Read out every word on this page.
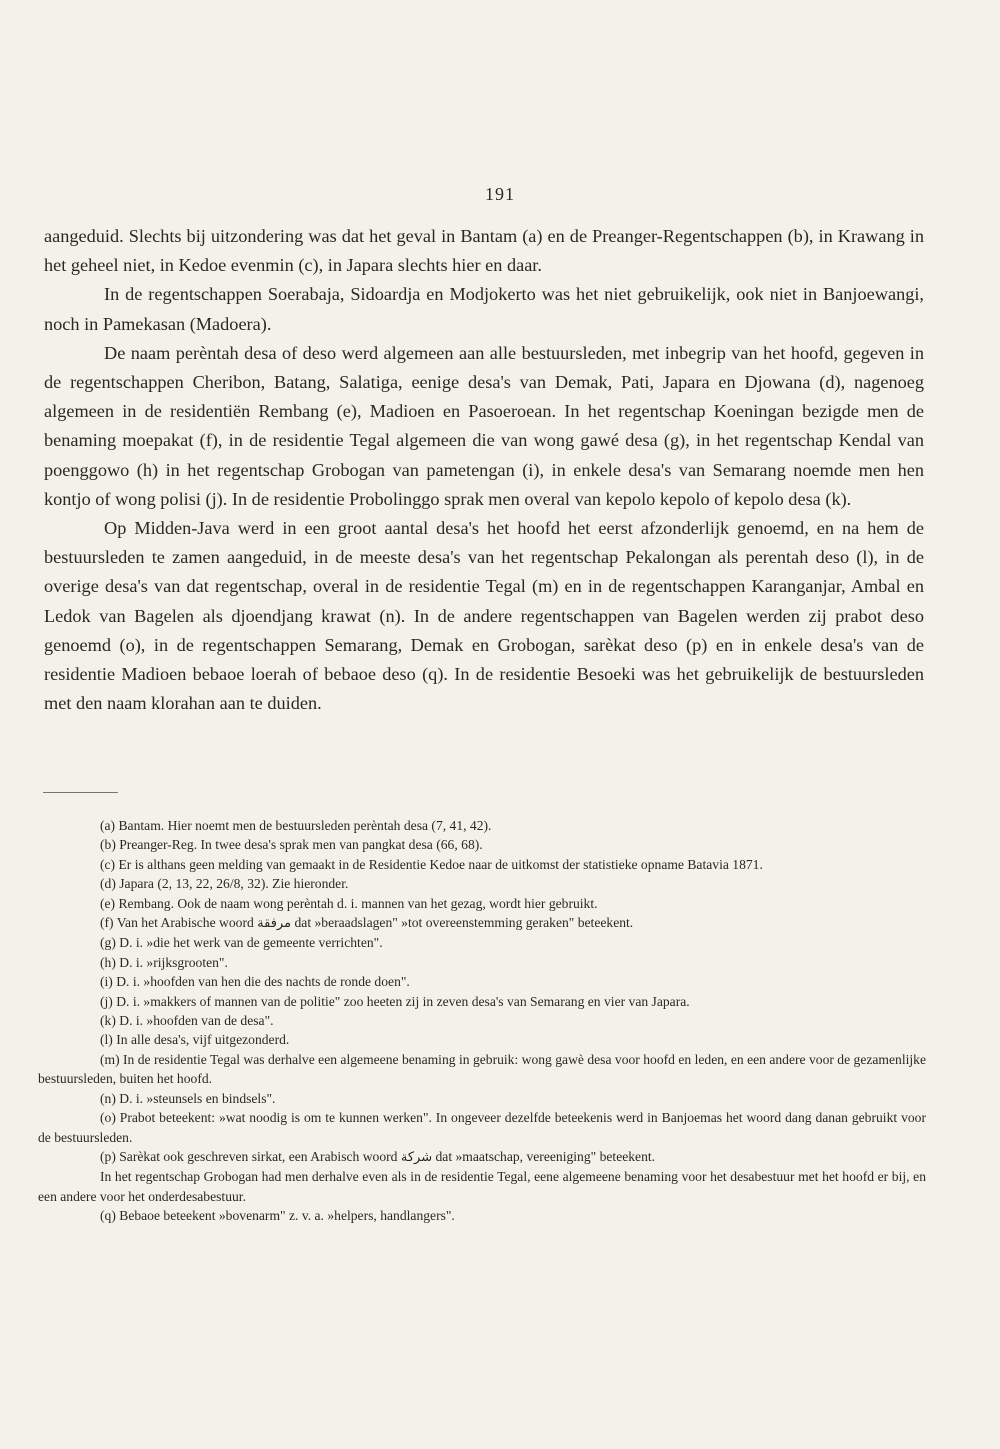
191

aangeduid. Slechts bij uitzondering was dat het geval in Bantam (a) en de Preanger-Regentschappen (b), in Krawang in het geheel niet, in Kedoe evenmin (c), in Japara slechts hier en daar.

In de regentschappen Soerabaja, Sidoardja en Modjokerto was het niet gebruikelijk, ook niet in Banjoewangi, noch in Pamekasan (Madoera).

De naam perèntah desa of deso werd algemeen aan alle bestuursleden, met inbegrip van het hoofd, gegeven in de regentschappen Cheribon, Batang, Salatiga, eenige desa's van Demak, Pati, Japara en Djowana (d), nagenoeg algemeen in de residentiën Rembang (e), Madioen en Pasoeroean. In het regentschap Koeningan bezigde men de benaming moepakat (f), in de residentie Tegal algemeen die van wong gawé desa (g), in het regentschap Kendal van poenggowo (h) in het regentschap Grobogan van pametengan (i), in enkele desa's van Semarang noemde men hen kontjo of wong polisi (j). In de residentie Probolinggo sprak men overal van kepolo kepolo of kepolo desa (k).

Op Midden-Java werd in een groot aantal desa's het hoofd het eerst afzonderlijk genoemd, en na hem de bestuursleden te zamen aangeduid, in de meeste desa's van het regentschap Pekalongan als perentah deso (l), in de overige desa's van dat regentschap, overal in de residentie Tegal (m) en in de regentschappen Karanganjar, Ambal en Ledok van Bagelen als djoendjang krawat (n). In de andere regentschappen van Bagelen werden zij prabot deso genoemd (o), in de regentschappen Semarang, Demak en Grobogan, sarèkat deso (p) en in enkele desa's van de residentie Madioen bebaoe loerah of bebaoe deso (q). In de residentie Besoeki was het gebruikelijk de bestuursleden met den naam klorahan aan te duiden.

(a) Bantam. Hier noemt men de bestuursleden perèntah desa (7, 41, 42).

(b) Preanger-Reg. In twee desa's sprak men van pangkat desa (66, 68).

(c) Er is althans geen melding van gemaakt in de Residentie Kedoe naar de uitkomst der statistieke opname Batavia 1871.

(d) Japara (2, 13, 22, 26/8, 32). Zie hieronder.

(e) Rembang. Ook de naam wong perèntah d. i. mannen van het gezag, wordt hier gebruikt.

(f) Van het Arabische woord مرفقة dat »beraadslagen" »tot overeenstemming geraken" beteekent.

(g) D. i. »die het werk van de gemeente verrichten".

(h) D. i. »rijksgrooten".

(i) D. i. »hoofden van hen die des nachts de ronde doen".

(j) D. i. »makkers of mannen van de politie" zoo heeten zij in zeven desa's van Semarang en vier van Japara.

(k) D. i. »hoofden van de desa".

(l) In alle desa's, vijf uitgezonderd.

(m) In de residentie Tegal was derhalve een algemeene benaming in gebruik: wong gawè desa voor hoofd en leden, en een andere voor de gezamenlijke bestuursleden, buiten het hoofd.

(n) D. i. »steunsels en bindsels".

(o) Prabot beteekent: »wat noodig is om te kunnen werken". In ongeveer dezelfde beteekenis werd in Banjoemas het woord dang danan gebruikt voor de bestuursleden.

(p) Sarèkat ook geschreven sirkat, een Arabisch woord شركة dat »maatschap, vereeniging" beteekent.

In het regentschap Grobogan had men derhalve even als in de residentie Tegal, eene algemeene benaming voor het desabestuur met het hoofd er bij, en een andere voor het onderdesabestuur.

(q) Bebaoe beteekent »bovenarm" z. v. a. »helpers, handlangers".
